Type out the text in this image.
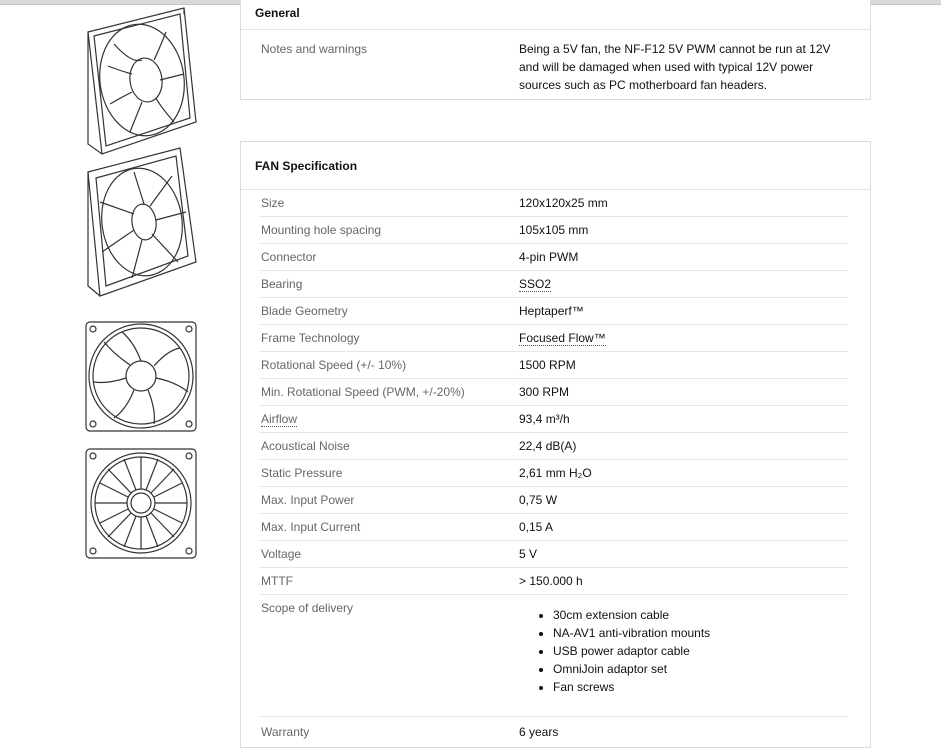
General
Notes and warnings	Being a 5V fan, the NF-F12 5V PWM cannot be run at 12V and will be damaged when used with typical 12V power sources such as PC motherboard fan headers.
FAN Specification
Size	120x120x25 mm
Mounting hole spacing	105x105 mm
Connector	4-pin PWM
Bearing	SSO2
Blade Geometry	Heptaperf™
Frame Technology	Focused Flow™
Rotational Speed (+/- 10%)	1500 RPM
Min. Rotational Speed (PWM, +/-20%)	300 RPM
Airflow	93,4 m³/h
Acoustical Noise	22,4 dB(A)
Static Pressure	2,61 mm H₂O
Max. Input Power	0,75 W
Max. Input Current	0,15 A
Voltage	5 V
MTTF	> 150.000 h
Scope of delivery
•	30cm extension cable
• NA-AV1 anti-vibration mounts
• USB power adaptor cable
• OmniJoin adaptor set
• Fan screws
Warranty	6 years
